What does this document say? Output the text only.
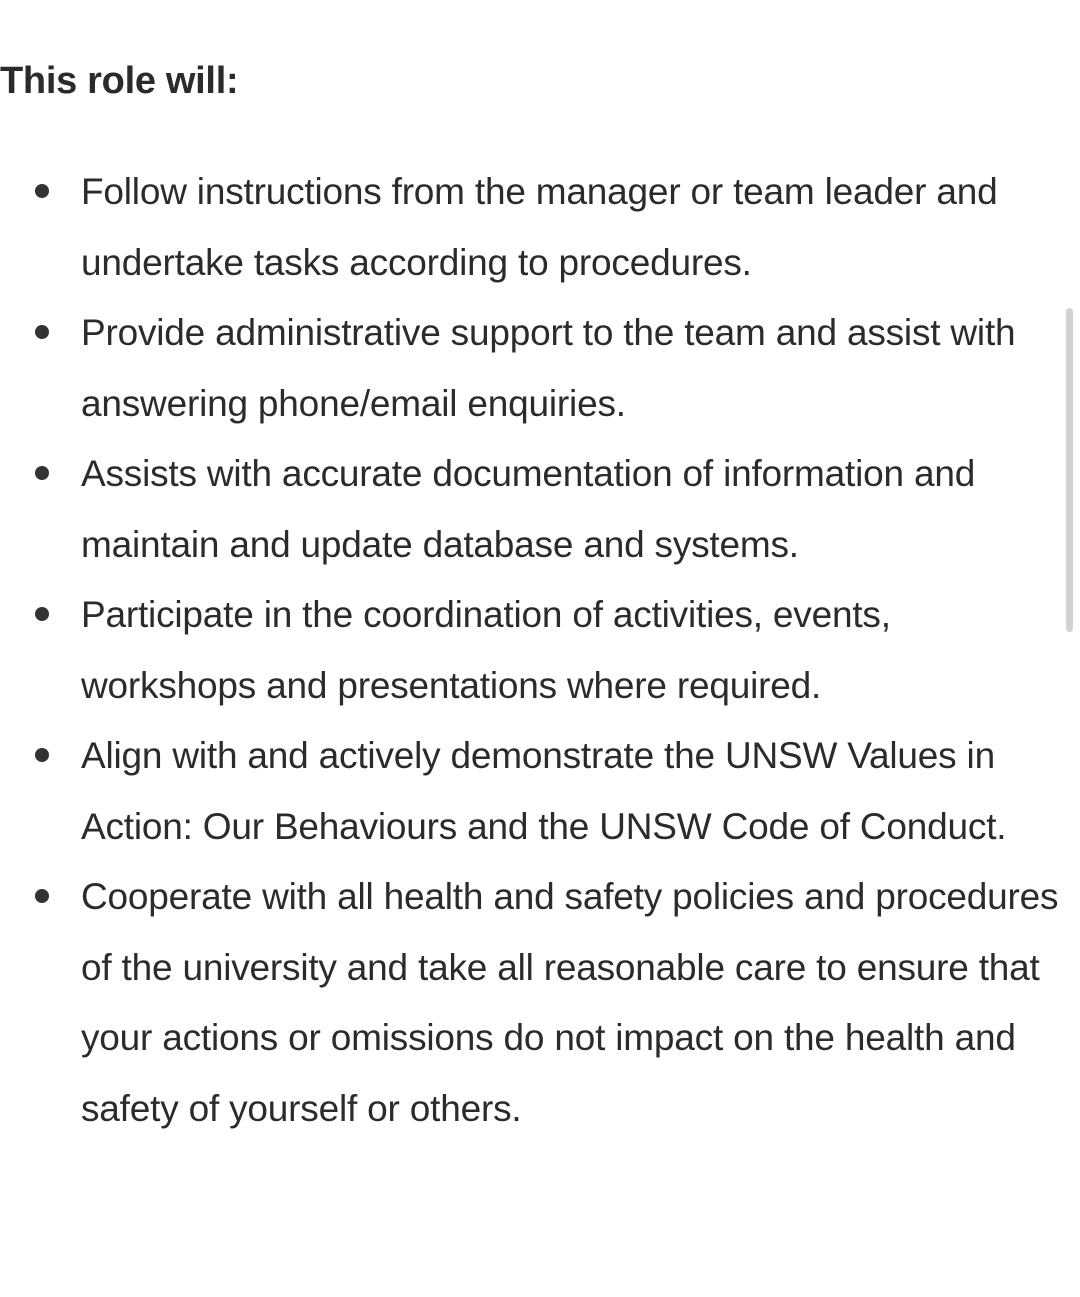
This role will:
Follow instructions from the manager or team leader and undertake tasks according to procedures.
Provide administrative support to the team and assist with answering phone/email enquiries.
Assists with accurate documentation of information and maintain and update database and systems.
Participate in the coordination of activities, events, workshops and presentations where required.
Align with and actively demonstrate the UNSW Values in Action: Our Behaviours and the UNSW Code of Conduct.
Cooperate with all health and safety policies and procedures of the university and take all reasonable care to ensure that your actions or omissions do not impact on the health and safety of yourself or others.
